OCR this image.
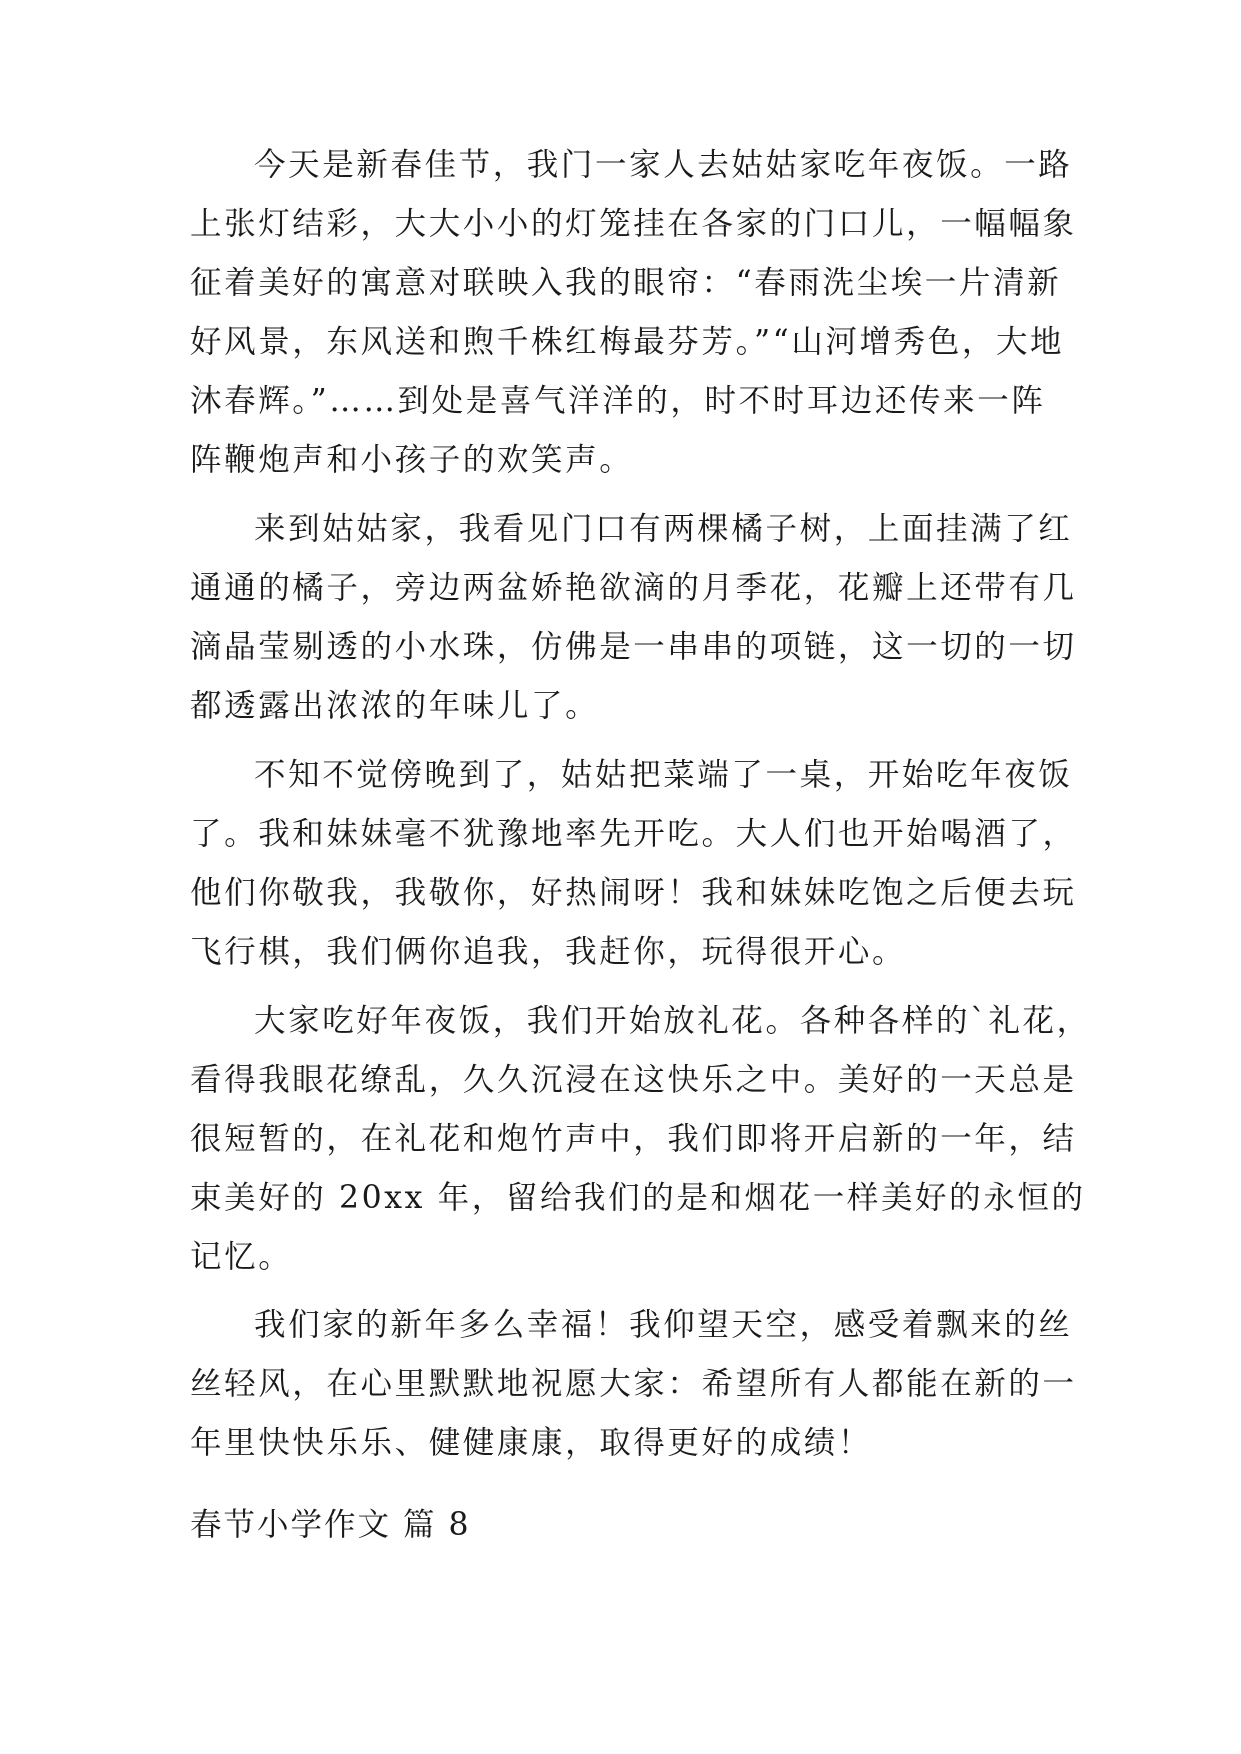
今天是新春佳节，我门一家人去姑姑家吃年夜饭。一路
上张灯结彩，大大小小的灯笼挂在各家的门口儿，一幅幅象
征着美好的寓意对联映入我的眼帘：“春雨洗尘埃一片清新
好风景，东风送和煦千株红梅最芬芳。”“山河增秀色，大地
沐春辉。”……到处是喜气洋洋的，时不时耳边还传来一阵
阵鞭炮声和小孩子的欢笑声。
来到姑姑家，我看见门口有两棵橘子树，上面挂满了红
通通的橘子，旁边两盆娇艳欲滴的月季花，花瓣上还带有几
滴晶莹剔透的小水珠，仿佛是一串串的项链，这一切的一切
都透露出浓浓的年味儿了。
不知不觉傍晚到了，姑姑把菜端了一桌，开始吃年夜饭
了。我和妹妹毫不犹豫地率先开吃。大人们也开始喝酒了，
他们你敬我，我敬你，好热闹呀！我和妹妹吃饱之后便去玩
飞行棋，我们俩你追我，我赶你，玩得很开心。
大家吃好年夜饭，我们开始放礼花。各种各样的`礼花，
看得我眼花缭乱，久久沉浸在这快乐之中。美好的一天总是
很短暂的，在礼花和炮竹声中，我们即将开启新的一年，结
束美好的 20xx 年，留给我们的是和烟花一样美好的永恒的
记忆。
我们家的新年多么幸福！我仰望天空，感受着飘来的丝
丝轻风，在心里默默地祝愿大家：希望所有人都能在新的一
年里快快乐乐、健健康康，取得更好的成绩！
春节小学作文 篇 8
